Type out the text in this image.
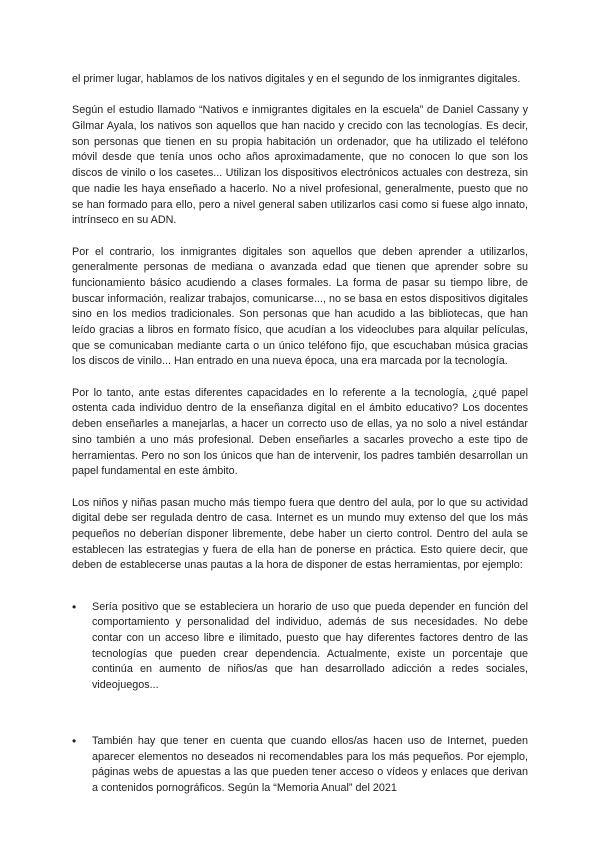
el primer lugar, hablamos de los nativos digitales y en el segundo de los inmigrantes digitales.

Según el estudio llamado “Nativos e inmigrantes digitales en la escuela” de Daniel Cassany y Gilmar Ayala, los nativos son aquellos que han nacido y crecido con las tecnologías. Es decir, son personas que tienen en su propia habitación un ordenador, que ha utilizado el teléfono móvil desde que tenía unos ocho años aproximadamente, que no conocen lo que son los discos de vinilo o los casetes... Utilizan los dispositivos electrónicos actuales con destreza, sin que nadie les haya enseñado a hacerlo. No a nivel profesional, generalmente, puesto que no se han formado para ello, pero a nivel general saben utilizarlos casi como si fuese algo innato, intrínseco en su ADN.

Por el contrario, los inmigrantes digitales son aquellos que deben aprender a utilizarlos, generalmente personas de mediana o avanzada edad que tienen que aprender sobre su funcionamiento básico acudiendo a clases formales. La forma de pasar su tiempo libre, de buscar información, realizar trabajos, comunicarse..., no se basa en estos dispositivos digitales sino en los medios tradicionales. Son personas que han acudido a las bibliotecas, que han leído gracias a libros en formato físico, que acudían a los videoclubes para alquilar películas, que se comunicaban mediante carta o un único teléfono fijo, que escuchaban música gracias los discos de vinilo... Han entrado en una nueva época, una era marcada por la tecnología.

Por lo tanto, ante estas diferentes capacidades en lo referente a la tecnología, ¿qué papel ostenta cada individuo dentro de la enseñanza digital en el ámbito educativo? Los docentes deben enseñarles a manejarlas, a hacer un correcto uso de ellas, ya no solo a nivel estándar sino también a uno más profesional. Deben enseñarles a sacarles provecho a este tipo de herramientas. Pero no son los únicos que han de intervenir, los padres también desarrollan un papel fundamental en este ámbito.

Los niños y niñas pasan mucho más tiempo fuera que dentro del aula, por lo que su actividad digital debe ser regulada dentro de casa. Internet es un mundo muy extenso del que los más pequeños no deberían disponer libremente, debe haber un cierto control. Dentro del aula se establecen las estrategias y fuera de ella han de ponerse en práctica. Esto quiere decir, que deben de establecerse unas pautas a la hora de disponer de estas herramientas, por ejemplo:

• Sería positivo que se estableciera un horario de uso que pueda depender en función del comportamiento y personalidad del individuo, además de sus necesidades. No debe contar con un acceso libre e ilimitado, puesto que hay diferentes factores dentro de las tecnologías que pueden crear dependencia. Actualmente, existe un porcentaje que continúa en aumento de niños/as que han desarrollado adicción a redes sociales, videojuegos...
• También hay que tener en cuenta que cuando ellos/as hacen uso de Internet, pueden aparecer elementos no deseados ni recomendables para los más pequeños. Por ejemplo, páginas webs de apuestas a las que pueden tener acceso o vídeos y enlaces que derivan a contenidos pornográficos. Según la “Memoria Anual” del 2021
